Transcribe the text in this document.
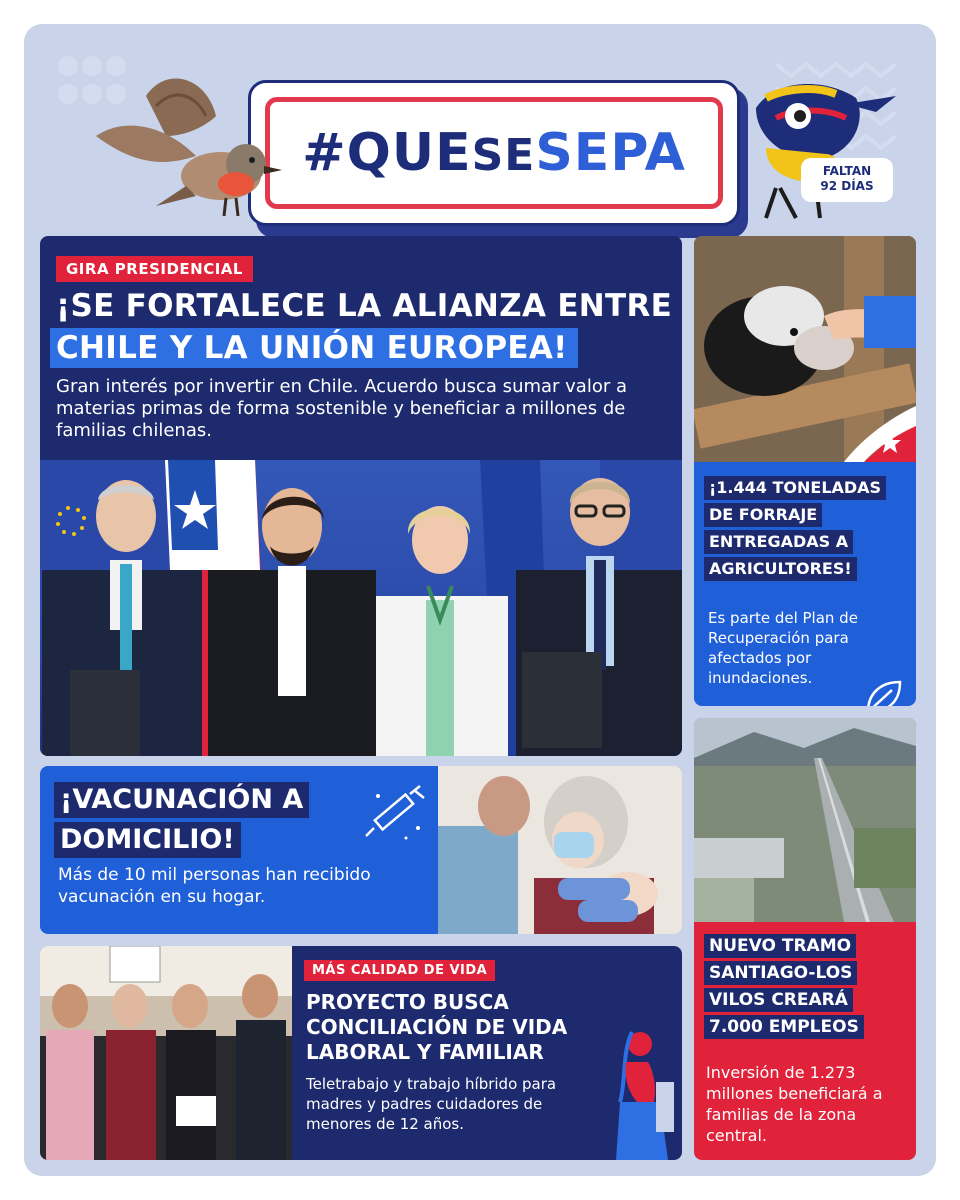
#QUESESEPA	FALTAN
92 DÍAS
GIRA PRESIDENCIAL
¡SE FORTALECE LA ALIANZA ENTRE
CHILE Y LA UNIÓN EUROPEA!
Gran interés por invertir en Chile. Acuerdo busca sumar valor a materias primas de forma sostenible y beneficiar a millones de familias chilenas.
¡1.444 TONELADAS
DE FORRAJE
ENTREGADAS A
AGRICULTORES!
Es parte del Plan de Recuperación para afectados por inundaciones.
¡VACUNACIÓN A
DOMICILIO!
Más de 10 mil personas han recibido vacunación en su hogar.
NUEVO TRAMO
SANTIAGO-LOS
VILOS CREARÁ
7.000 EMPLEOS
Inversión de 1.273 millones beneficiará a familias de la zona central.
MÁS CALIDAD DE VIDA
PROYECTO BUSCA CONCILIACIÓN DE VIDA LABORAL Y FAMILIAR
Teletrabajo y trabajo híbrido para madres y padres cuidadores de menores de 12 años.
